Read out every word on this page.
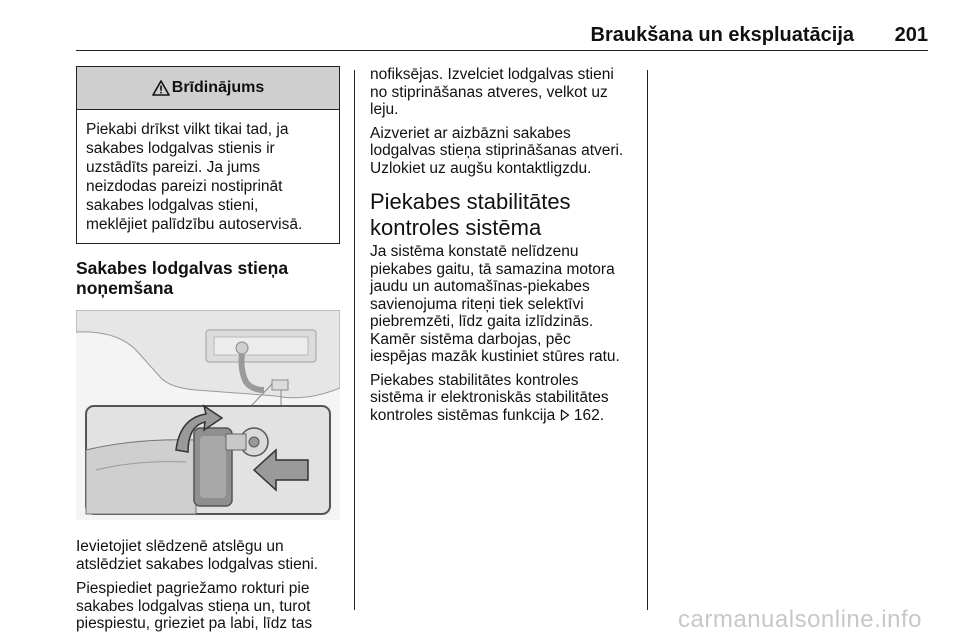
Braukšana un ekspluatācija 201
Brīdinājums
Piekabi drīkst vilkt tikai tad, ja
sakabes lodgalvas stienis ir
uzstādīts pareizi. Ja jums
neizdodas pareizi nostiprināt
sakabes lodgalvas stieni,
meklējiet palīdzību autoservisā.
Sakabes lodgalvas stieņa
noņemšana

Ievietojiet slēdzenē atslēgu un
atslēdziet sakabes lodgalvas stieni.

Piespiediet pagriežamo rokturi pie
sakabes lodgalvas stieņa un, turot
piespiestu, grieziet pa labi, līdz tas

nofiksējas. Izvelciet lodgalvas stieni
no stiprināšanas atveres, velkot uz
leju.

Aizveriet ar aizbāzni sakabes
lodgalvas stieņa stiprināšanas atveri.
Uzlokiet uz augšu kontaktligzdu.

Piekabes stabilitātes
kontroles sistēma

Ja sistēma konstatē nelīdzenu
piekabes gaitu, tā samazina motora
jaudu un automašīnas-piekabes
savienojuma riteņi tiek selektīvi
piebremzēti, līdz gaita izlīdzinās.
Kamēr sistēma darbojas, pēc
iespējas mazāk kustiniet stūres ratu.

Piekabes stabilitātes kontroles
sistēma ir elektroniskās stabilitātes
kontroles sistēmas funkcija 162.

carmanualsonline.info
